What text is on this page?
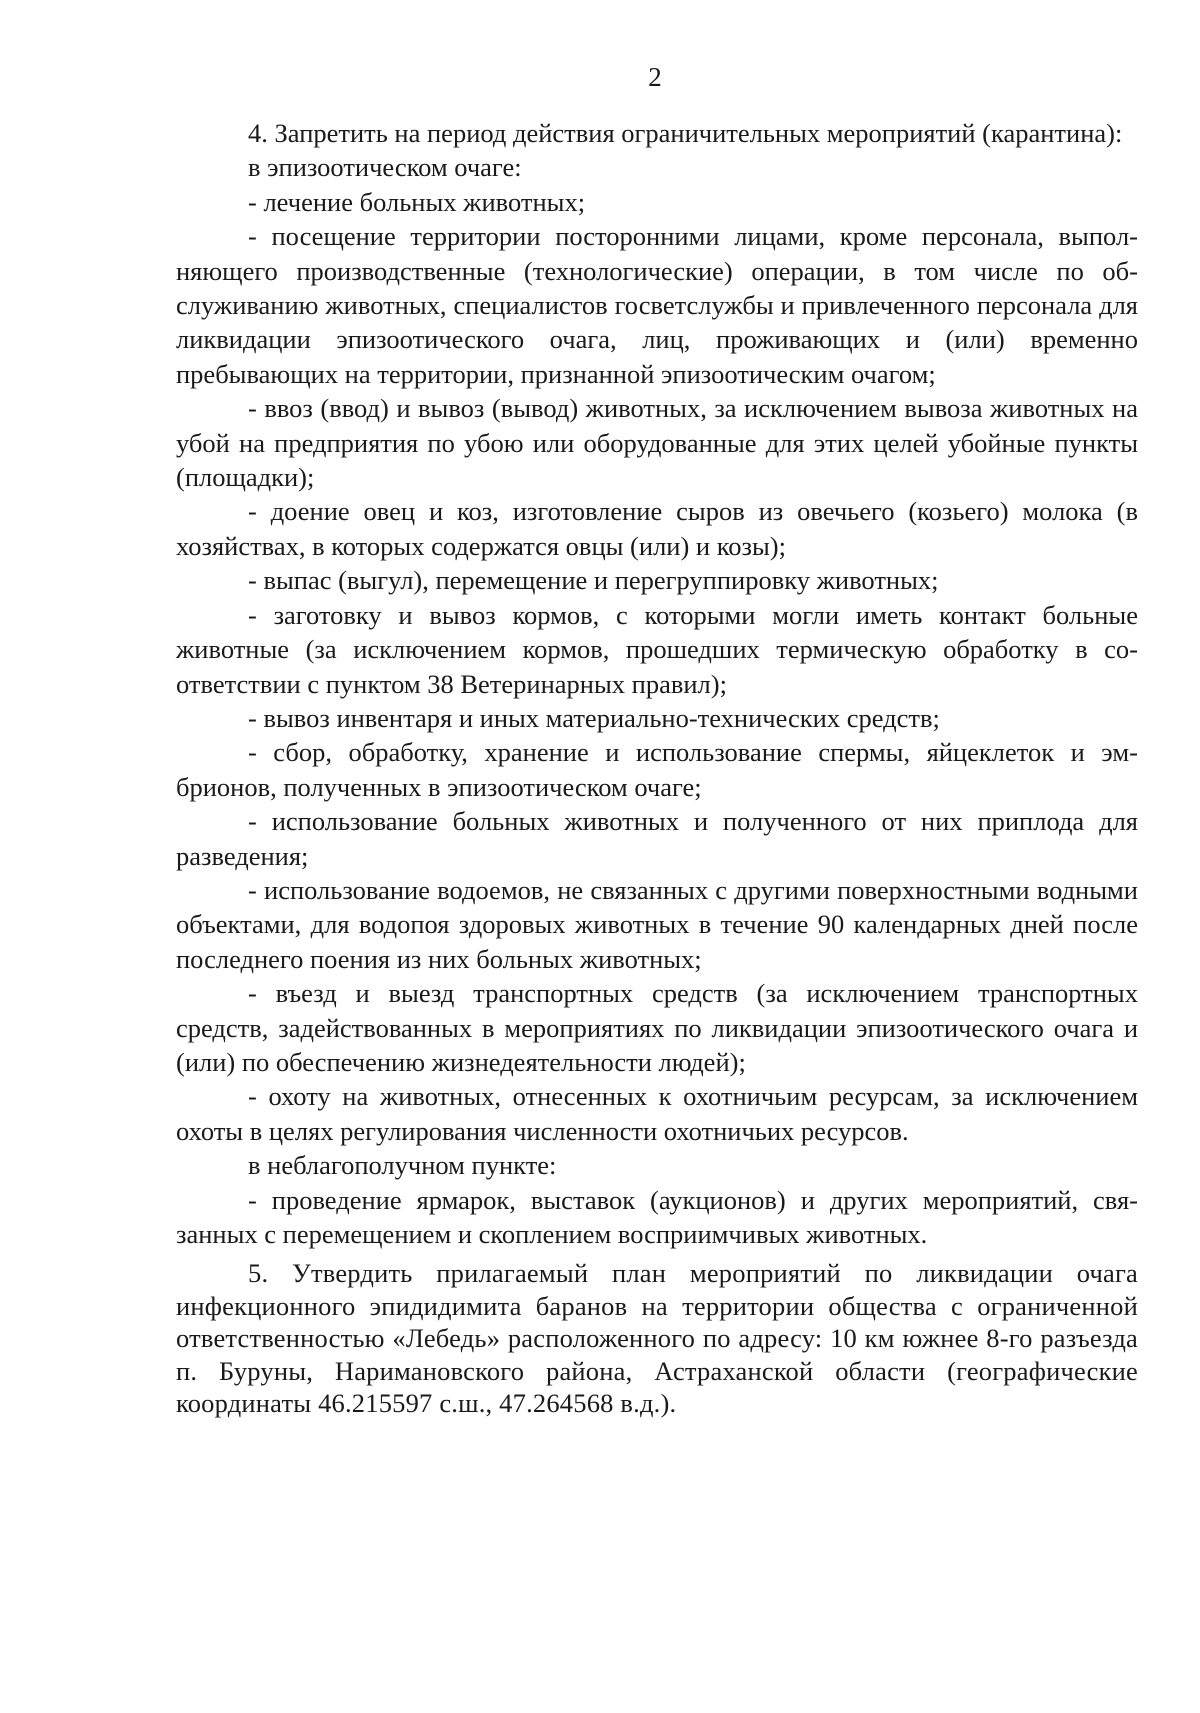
2

4. Запретить на период действия ограничительных мероприятий (карантина):

в эпизоотическом очаге:

- лечение больных животных;

- посещение территории посторонними лицами, кроме персонала, выполняющего производственные (технологические) операции, в том числе по обслуживанию животных, специалистов госветслужбы и привлеченного персонала для ликвидации эпизоотического очага, лиц, проживающих и (или) временно пребывающих на территории, признанной эпизоотическим очагом;

- ввоз (ввод) и вывоз (вывод) животных, за исключением вывоза животных на убой на предприятия по убою или оборудованные для этих целей убойные пункты (площадки);

- доение овец и коз, изготовление сыров из овечьего (козьего) молока (в хозяйствах, в которых содержатся овцы (или) и козы);

- выпас (выгул), перемещение и перегруппировку животных;

- заготовку и вывоз кормов, с которыми могли иметь контакт больные животные (за исключением кормов, прошедших термическую обработку в соответствии с пунктом 38 Ветеринарных правил);

- вывоз инвентаря и иных материально-технических средств;

- сбор, обработку, хранение и использование спермы, яйцеклеток и эмбрионов, полученных в эпизоотическом очаге;

- использование больных животных и полученного от них приплода для разведения;

- использование водоемов, не связанных с другими поверхностными водными объектами, для водопоя здоровых животных в течение 90 календарных дней после последнего поения из них больных животных;

- въезд и выезд транспортных средств (за исключением транспортных средств, задействованных в мероприятиях по ликвидации эпизоотического очага и (или) по обеспечению жизнедеятельности людей);

- охоту на животных, отнесенных к охотничьим ресурсам, за исключением охоты в целях регулирования численности охотничьих ресурсов.

в неблагополучном пункте:

- проведение ярмарок, выставок (аукционов) и других мероприятий, связанных с перемещением и скоплением восприимчивых животных.

5. Утвердить прилагаемый план мероприятий по ликвидации очага инфекционного эпидидимита баранов на территории общества с ограниченной ответственностью «Лебедь» расположенного по адресу: 10 км южнее 8-го разъезда п. Буруны, Наримановского района, Астраханской области (географические координаты 46.215597 с.ш., 47.264568 в.д.).
